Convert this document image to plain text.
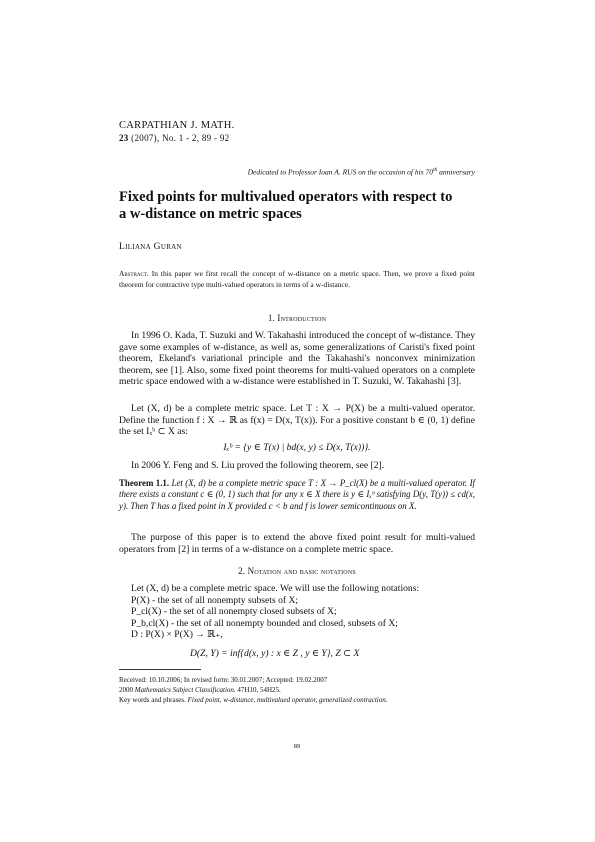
CARPATHIAN J. MATH.
23 (2007), No. 1 - 2, 89 - 92
Dedicated to Professor Ioan A. RUS on the occasion of his 70th anniversary
Fixed points for multivalued operators with respect to
a w-distance on metric spaces
Liliana Guran
Abstract. In this paper we first recall the concept of w-distance on a metric space. Then, we prove a fixed point theorem for contractive type multi-valued operators in terms of a w-distance.
1. Introduction
In 1996 O. Kada, T. Suzuki and W. Takahashi introduced the concept of w-distance. They gave some examples of w-distance, as well as, some generalizations of Caristi's fixed point theorem, Ekeland's variational principle and the Takahashi's nonconvex minimization theorem, see [1]. Also, some fixed point theorems for multi-valued operators on a complete metric space endowed with a w-distance were established in T. Suzuki, W. Takahashi [3].
Let (X, d) be a complete metric space. Let T : X → P(X) be a multi-valued operator. Define the function f : X → ℝ as f(x) = D(x, T(x)). For a positive constant b ∈ (0, 1) define the set Iₓᵇ ⊂ X as:
Iₓᵇ = {y ∈ T(x) | bd(x, y) ≤ D(x, T(x))}.
In 2006 Y. Feng and S. Liu proved the following theorem, see [2].
Theorem 1.1. Let (X, d) be a complete metric space T : X → P_cl(X) be a multi-valued operator. If there exists a constant c ∈ (0, 1) such that for any x ∈ X there is y ∈ Iₓᵇ satisfying D(y, T(y)) ≤ cd(x, y). Then T has a fixed point in X provided c < b and f is lower semicontinuous on X.
The purpose of this paper is to extend the above fixed point result for multi-valued operators from [2] in terms of a w-distance on a complete metric space.
2. Notation and basic notations
Let (X, d) be a complete metric space. We will use the following notations:
P(X) - the set of all nonempty subsets of X;
P_cl(X) - the set of all nonempty closed subsets of X;
P_b,cl(X) - the set of all nonempty bounded and closed, subsets of X;
D : P(X) × P(X) → ℝ₊,
D(Z, Y) = inf{d(x, y) : x ∈ Z , y ∈ Y}, Z ⊂ X
Received: 10.10.2006; In revised form: 30.01.2007; Accepted: 19.02.2007
2000 Mathematics Subject Classification. 47H10, 54H25.
Key words and phrases. Fixed point, w-distance, multivalued operator, generalized contraction.
89
